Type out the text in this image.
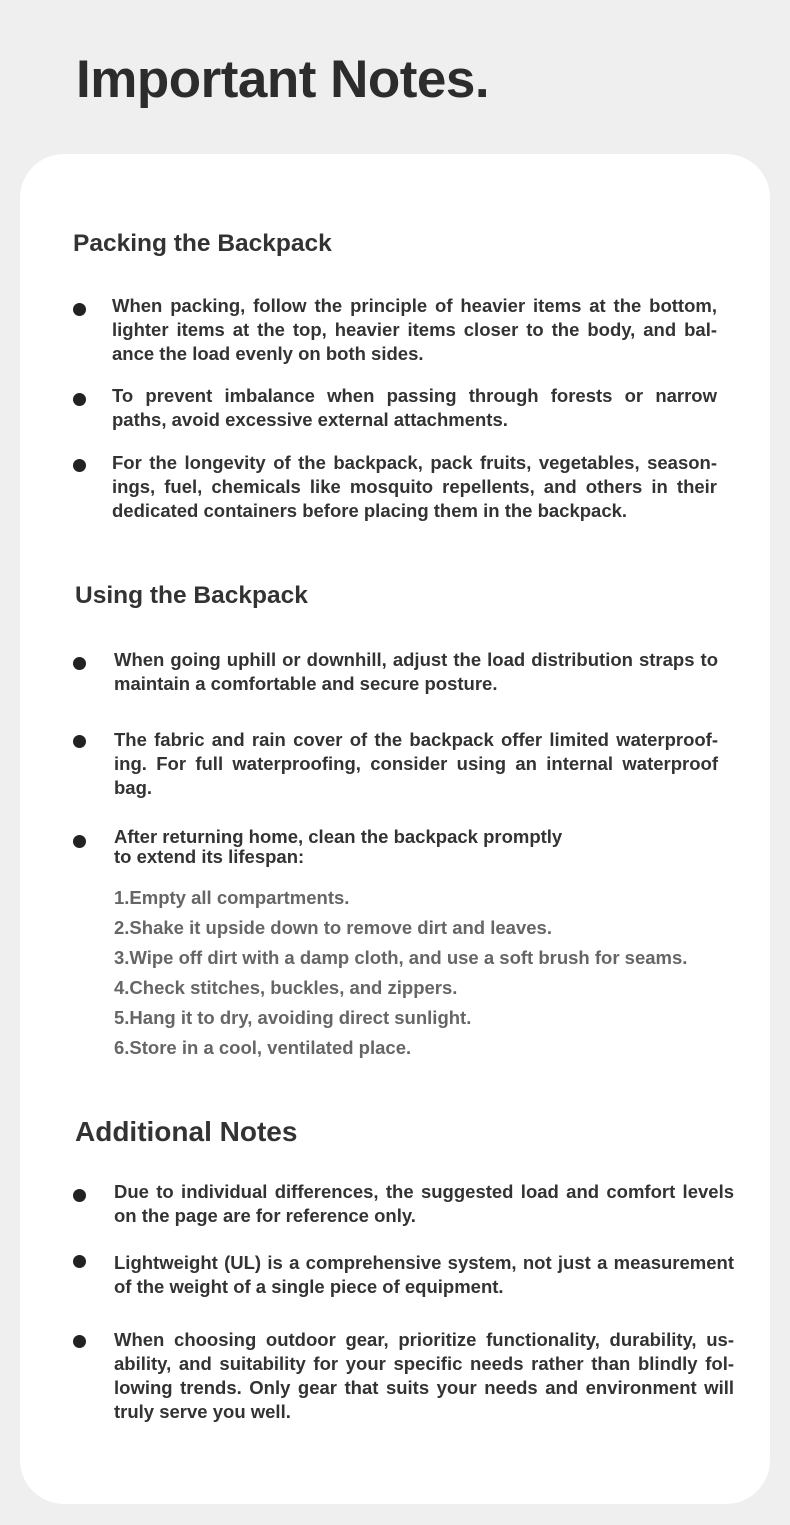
Important Notes.
Packing the Backpack

When packing, follow the principle of heavier items at the bottom, lighter items at the top, heavier items closer to the body, and bal-ance the load evenly on both sides.

To prevent imbalance when passing through forests or narrow paths, avoid excessive external attachments.

For the longevity of the backpack, pack fruits, vegetables, season-ings, fuel, chemicals like mosquito repellents, and others in their dedicated containers before placing them in the backpack.

Using the Backpack

When going uphill or downhill, adjust the load distribution straps to maintain a comfortable and secure posture.

The fabric and rain cover of the backpack offer limited waterproof-ing. For full waterproofing, consider using an internal waterproof bag.

After returning home, clean the backpack promptly

to extend its lifespan:

1.Empty all compartments.
2.Shake it upside down to remove dirt and leaves.
3.Wipe off dirt with a damp cloth, and use a soft brush for seams.
4.Check stitches, buckles, and zippers.
5.Hang it to dry, avoiding direct sunlight.
6.Store in a cool, ventilated place.
Additional Notes

Due to individual differences, the suggested load and comfort levels on the page are for reference only.

Lightweight (UL) is a comprehensive system, not just a measurement of the weight of a single piece of equipment.

When choosing outdoor gear, prioritize functionality, durability, us-ability, and suitability for your specific needs rather than blindly fol-lowing trends. Only gear that suits your needs and environment will truly serve you well.
